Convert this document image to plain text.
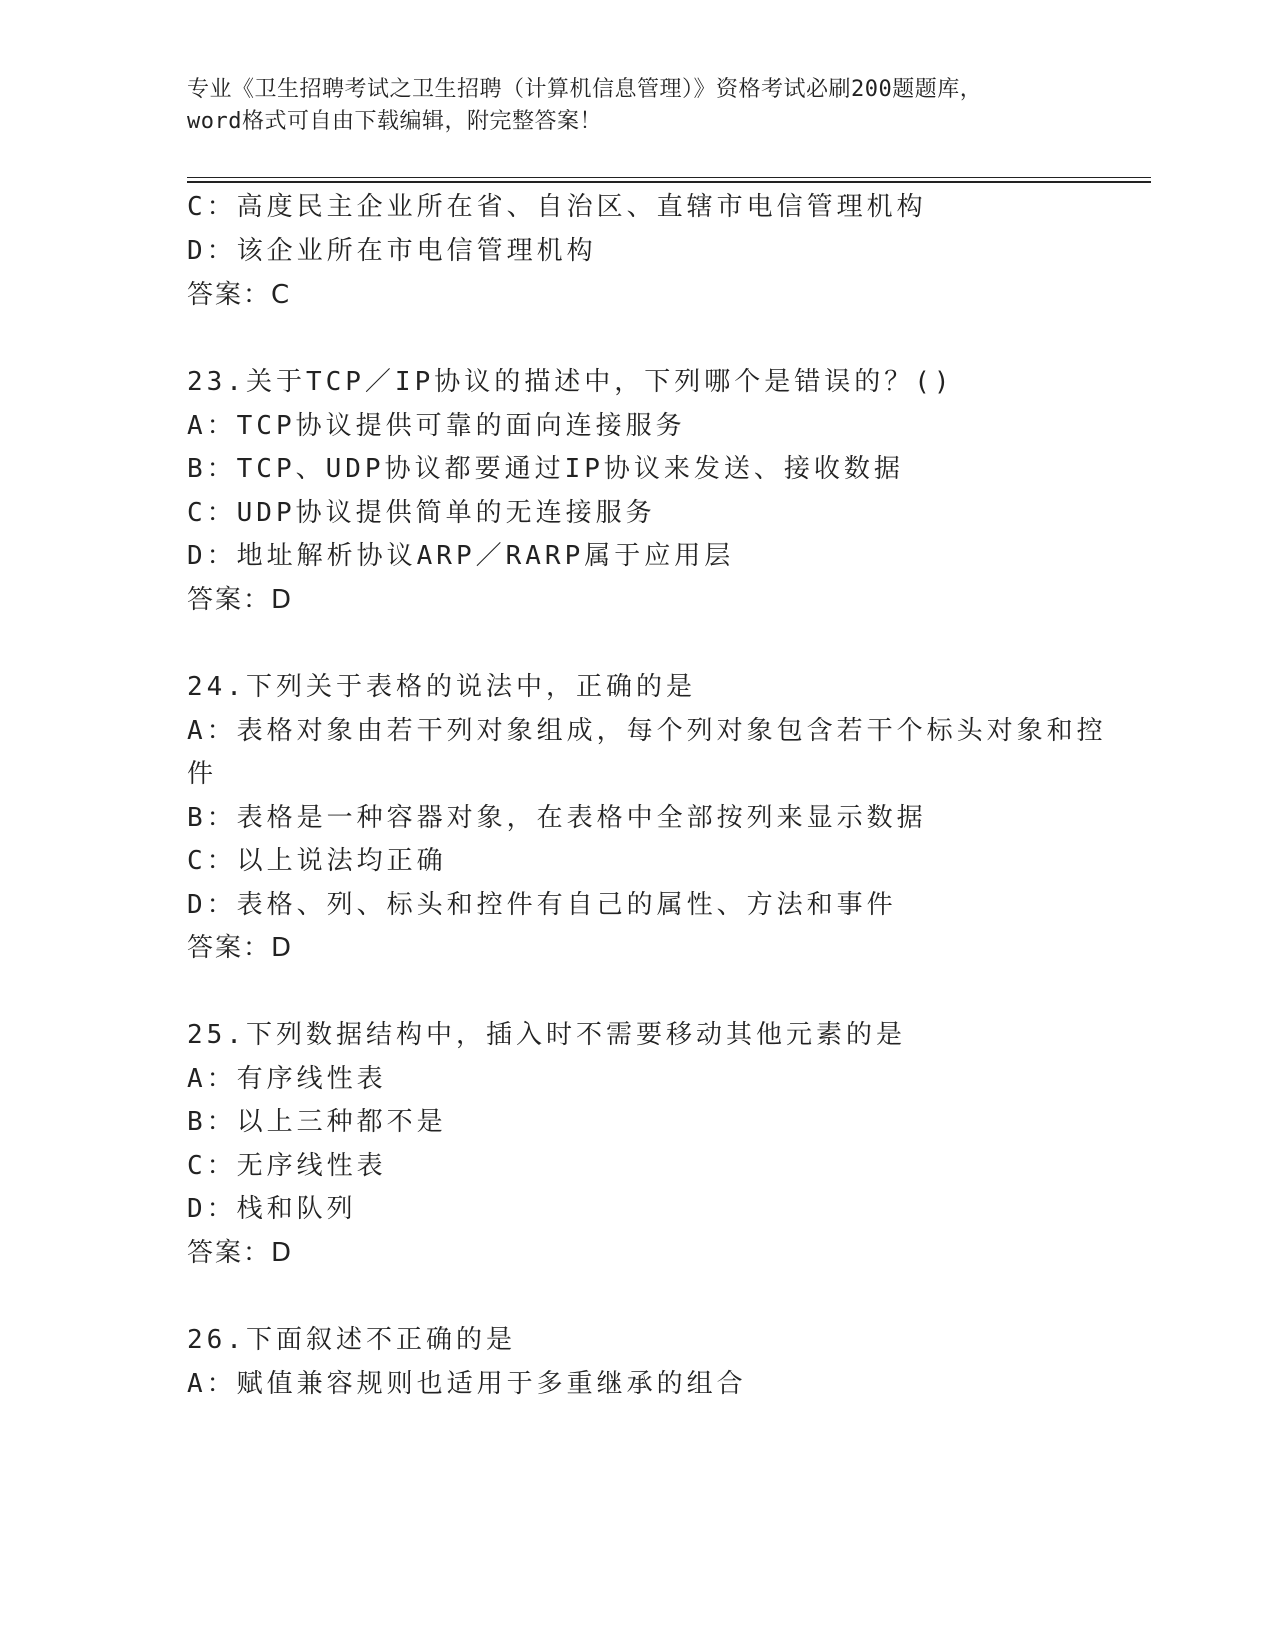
专业《卫生招聘考试之卫生招聘（计算机信息管理）》资格考试必刷200题题库，
word格式可自由下载编辑，附完整答案！
C：高度民主企业所在省、自治区、直辖市电信管理机构
D：该企业所在市电信管理机构
答案：C
23.关于TCP／IP协议的描述中，下列哪个是错误的？()
A：TCP协议提供可靠的面向连接服务
B：TCP、UDP协议都要通过IP协议来发送、接收数据
C：UDP协议提供简单的无连接服务
D：地址解析协议ARP／RARP属于应用层
答案：D
24.下列关于表格的说法中，正确的是
A：表格对象由若干列对象组成，每个列对象包含若干个标头对象和控
件
B：表格是一种容器对象，在表格中全部按列来显示数据
C：以上说法均正确
D：表格、列、标头和控件有自己的属性、方法和事件
答案：D
25.下列数据结构中，插入时不需要移动其他元素的是
A：有序线性表
B：以上三种都不是
C：无序线性表
D：栈和队列
答案：D
26.下面叙述不正确的是
A：赋值兼容规则也适用于多重继承的组合
